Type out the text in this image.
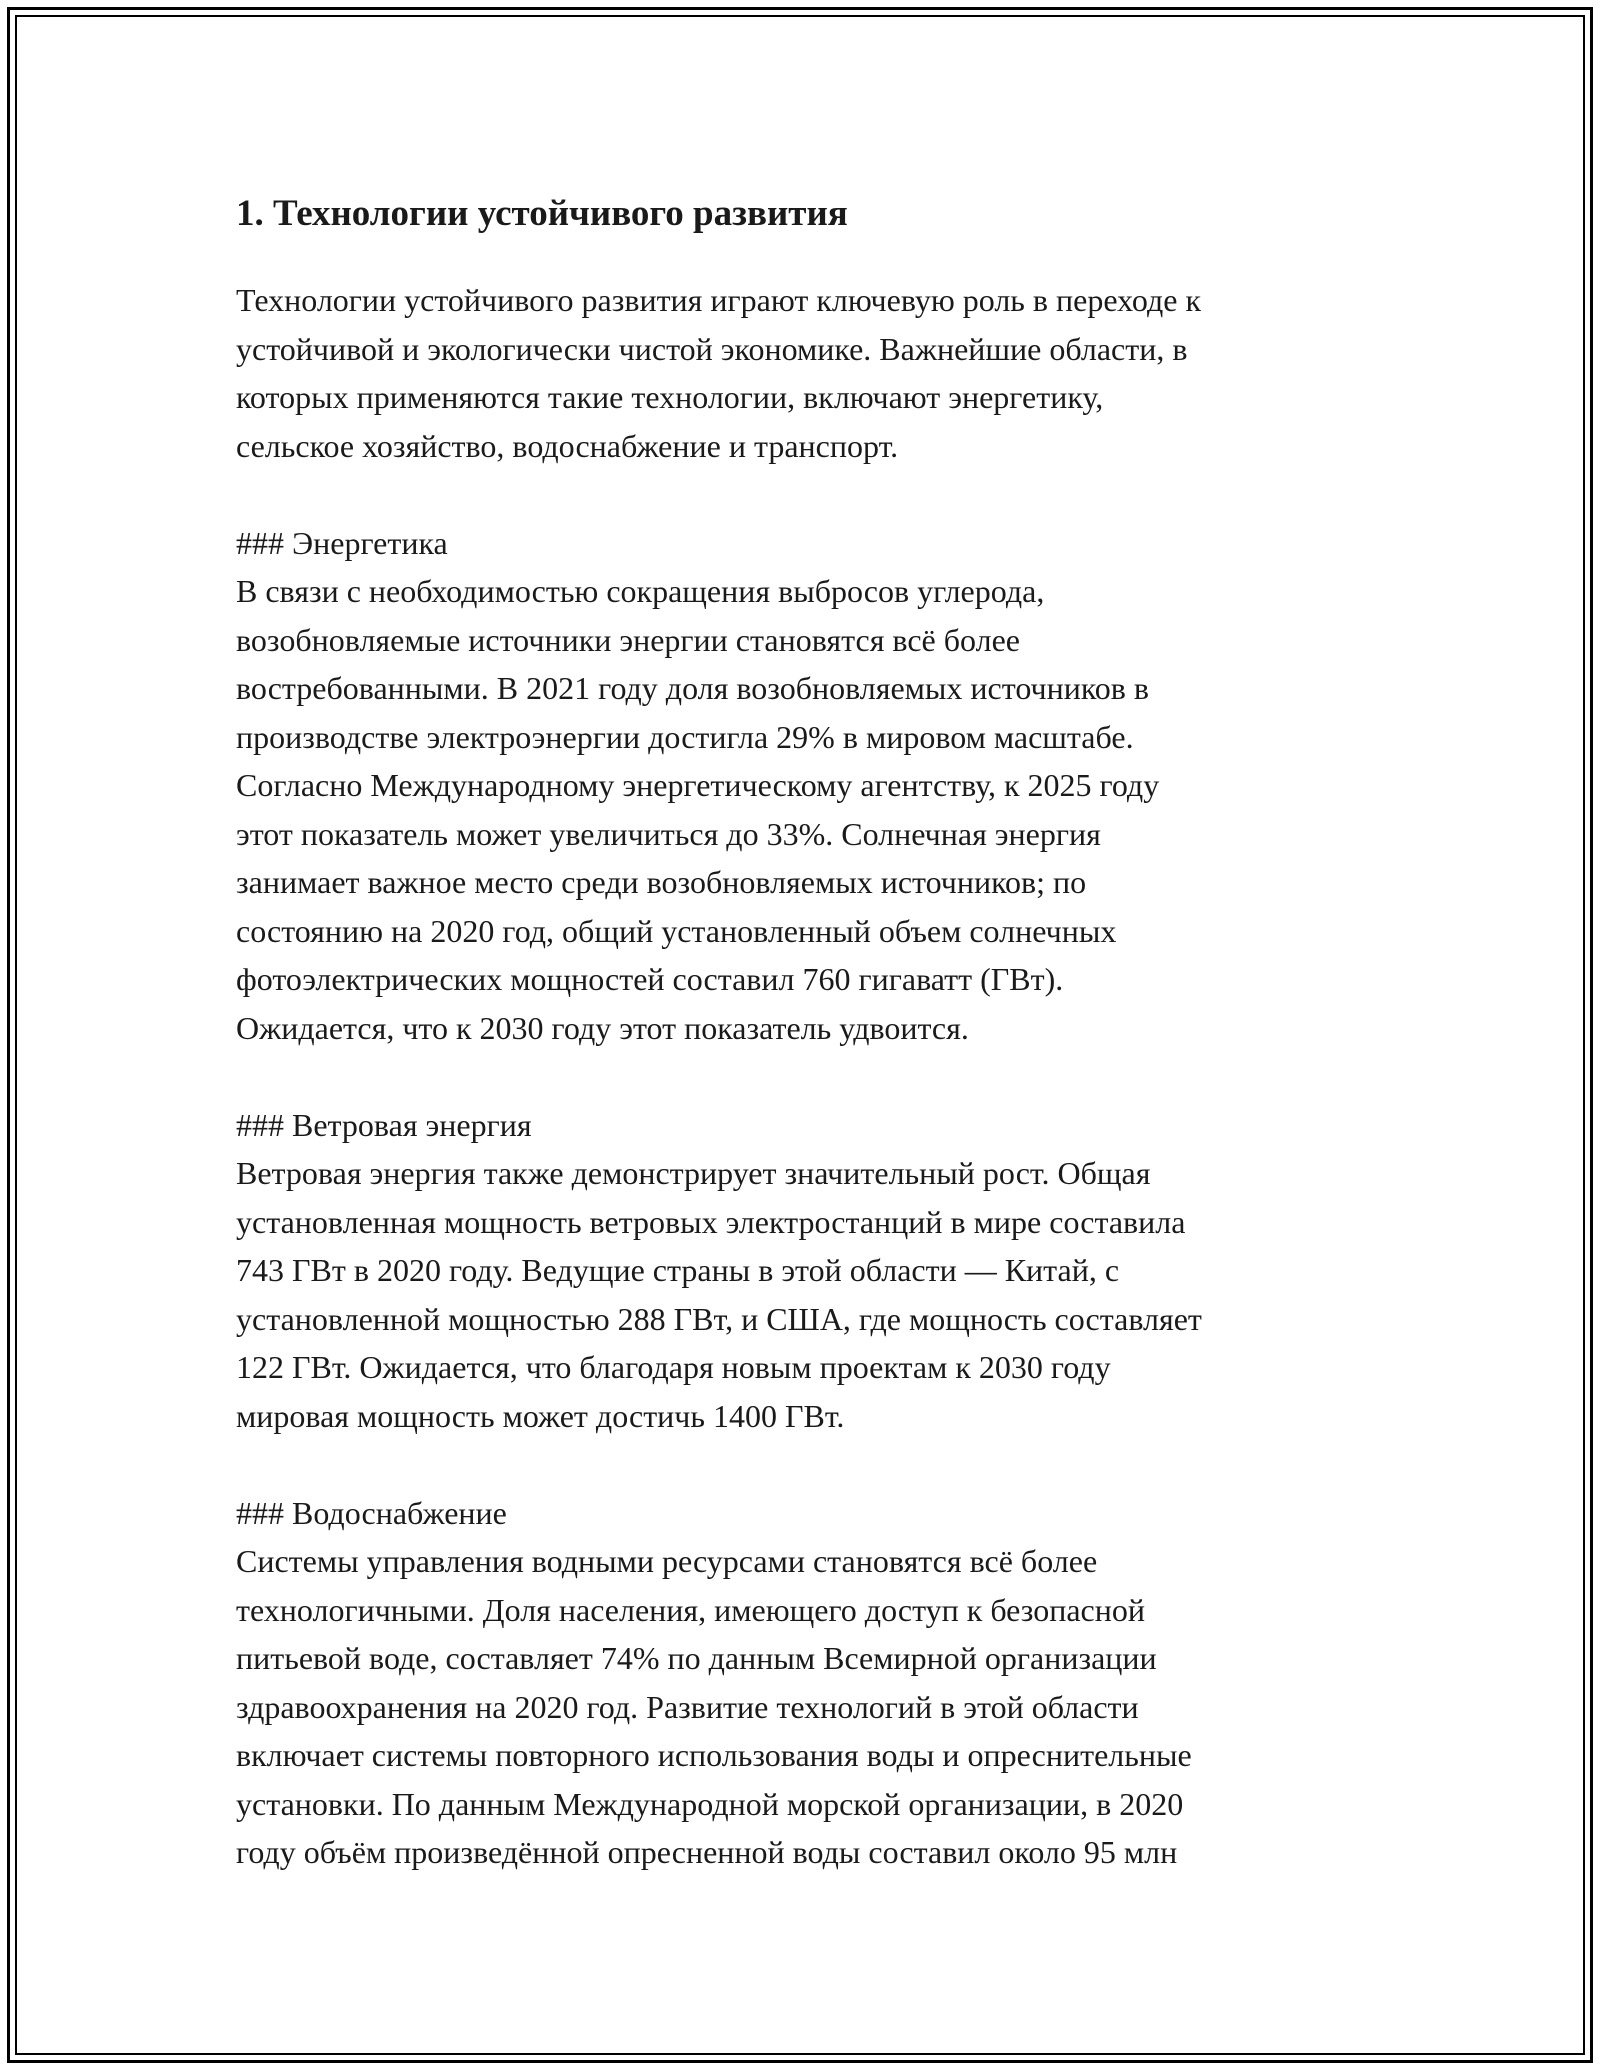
1. Технологии устойчивого развития

Технологии устойчивого развития играют ключевую роль в переходе к
устойчивой и экологически чистой экономике. Важнейшие области, в
которых применяются такие технологии, включают энергетику,
сельское хозяйство, водоснабжение и транспорт.

### Энергетика

В связи с необходимостью сокращения выбросов углерода,
возобновляемые источники энергии становятся всё более
востребованными. В 2021 году доля возобновляемых источников в
производстве электроэнергии достигла 29% в мировом масштабе.
Согласно Международному энергетическому агентству, к 2025 году
этот показатель может увеличиться до 33%. Солнечная энергия
занимает важное место среди возобновляемых источников; по
состоянию на 2020 год, общий установленный объем солнечных
фотоэлектрических мощностей составил 760 гигаватт (ГВт).
Ожидается, что к 2030 году этот показатель удвоится.

### Ветровая энергия

Ветровая энергия также демонстрирует значительный рост. Общая
установленная мощность ветровых электростанций в мире составила
743 ГВт в 2020 году. Ведущие страны в этой области — Китай, с
установленной мощностью 288 ГВт, и США, где мощность составляет
122 ГВт. Ожидается, что благодаря новым проектам к 2030 году
мировая мощность может достичь 1400 ГВт.

### Водоснабжение

Системы управления водными ресурсами становятся всё более
технологичными. Доля населения, имеющего доступ к безопасной
питьевой воде, составляет 74% по данным Всемирной организации
здравоохранения на 2020 год. Развитие технологий в этой области
включает системы повторного использования воды и опреснительные
установки. По данным Международной морской организации, в 2020
году объём произведённой опресненной воды составил около 95 млн
